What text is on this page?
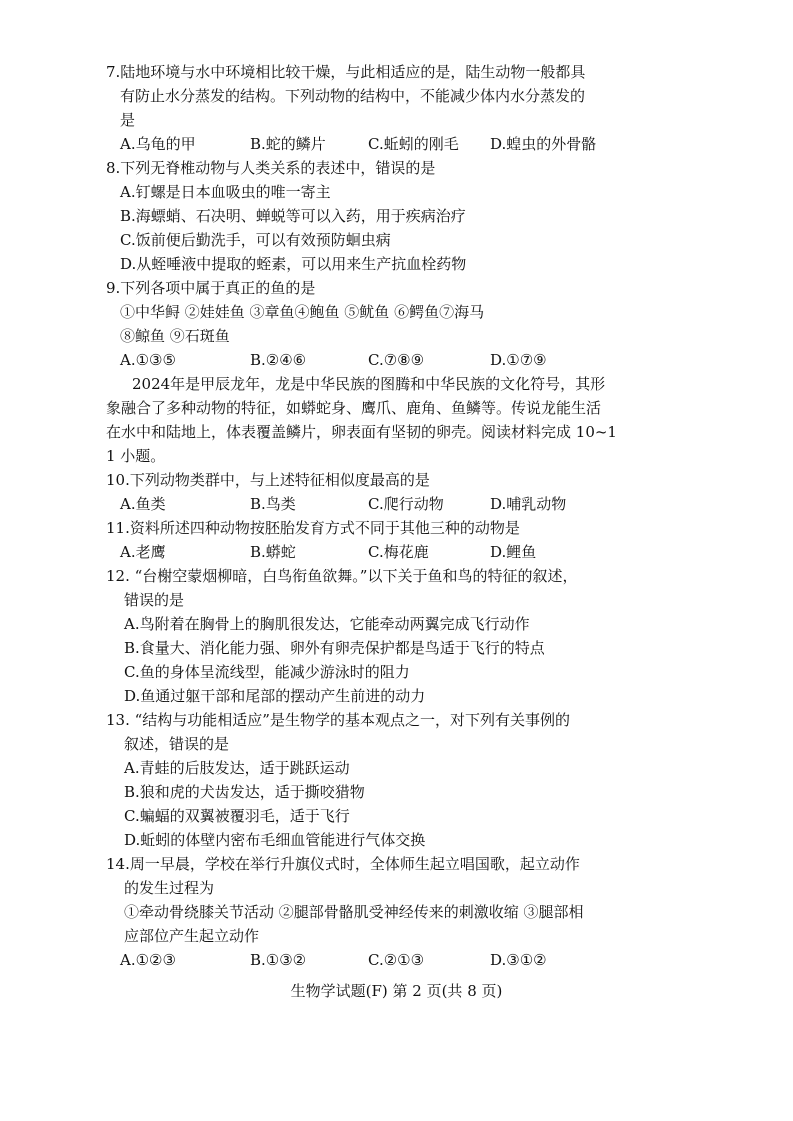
7.陆地环境与水中环境相比较干燥，与此相适应的是，陆生动物一般都具
有防止水分蒸发的结构。下列动物的结构中，不能减少体内水分蒸发的
是
A.乌龟的甲	B.蛇的鳞片	C.蚯蚓的刚毛	D.蝗虫的外骨骼
8.下列无脊椎动物与人类关系的表述中，错误的是
A.钉螺是日本血吸虫的唯一寄主
B.海螵蛸、石决明、蝉蜕等可以入药，用于疾病治疗
C.饭前便后勤洗手，可以有效预防蛔虫病
D.从蛭唾液中提取的蛭素，可以用来生产抗血栓药物
9.下列各项中属于真正的鱼的是
①中华鲟 ②娃娃鱼 ③章鱼④鲍鱼 ⑤鱿鱼 ⑥鳄鱼⑦海马
⑧鲸鱼 ⑨石斑鱼
A.①③⑤	B.②④⑥	C.⑦⑧⑨	D.①⑦⑨
2024年是甲辰龙年，龙是中华民族的图腾和中华民族的文化符号，其形
象融合了多种动物的特征，如蟒蛇身、鹰爪、鹿角、鱼鳞等。传说龙能生活
在水中和陆地上，体表覆盖鳞片，卵表面有坚韧的卵壳。阅读材料完成 10~1
1 小题。
10.下列动物类群中，与上述特征相似度最高的是
A.鱼类	B.鸟类	C.爬行动物	D.哺乳动物
11.资料所述四种动物按胚胎发育方式不同于其他三种的动物是
A.老鹰	B.蟒蛇	C.梅花鹿	D.鲤鱼
12. “台榭空蒙烟柳暗，白鸟衔鱼欲舞。”以下关于鱼和鸟的特征的叙述，
错误的是
A.鸟附着在胸骨上的胸肌很发达，它能牵动两翼完成飞行动作
B.食量大、消化能力强、卵外有卵壳保护都是鸟适于飞行的特点
C.鱼的身体呈流线型，能减少游泳时的阻力
D.鱼通过躯干部和尾部的摆动产生前进的动力
13. “结构与功能相适应”是生物学的基本观点之一，对下列有关事例的
叙述，错误的是
A.青蛙的后肢发达，适于跳跃运动
B.狼和虎的犬齿发达，适于撕咬猎物
C.蝙蝠的双翼被覆羽毛，适于飞行
D.蚯蚓的体壁内密布毛细血管能进行气体交换
14.周一早晨，学校在举行升旗仪式时，全体师生起立唱国歌，起立动作
的发生过程为
①牵动骨绕膝关节活动 ②腿部骨骼肌受神经传来的刺激收缩 ③腿部相
应部位产生起立动作
A.①②③	B.①③②	C.②①③	D.③①②
生物学试题(F) 第 2 页(共 8 页)
